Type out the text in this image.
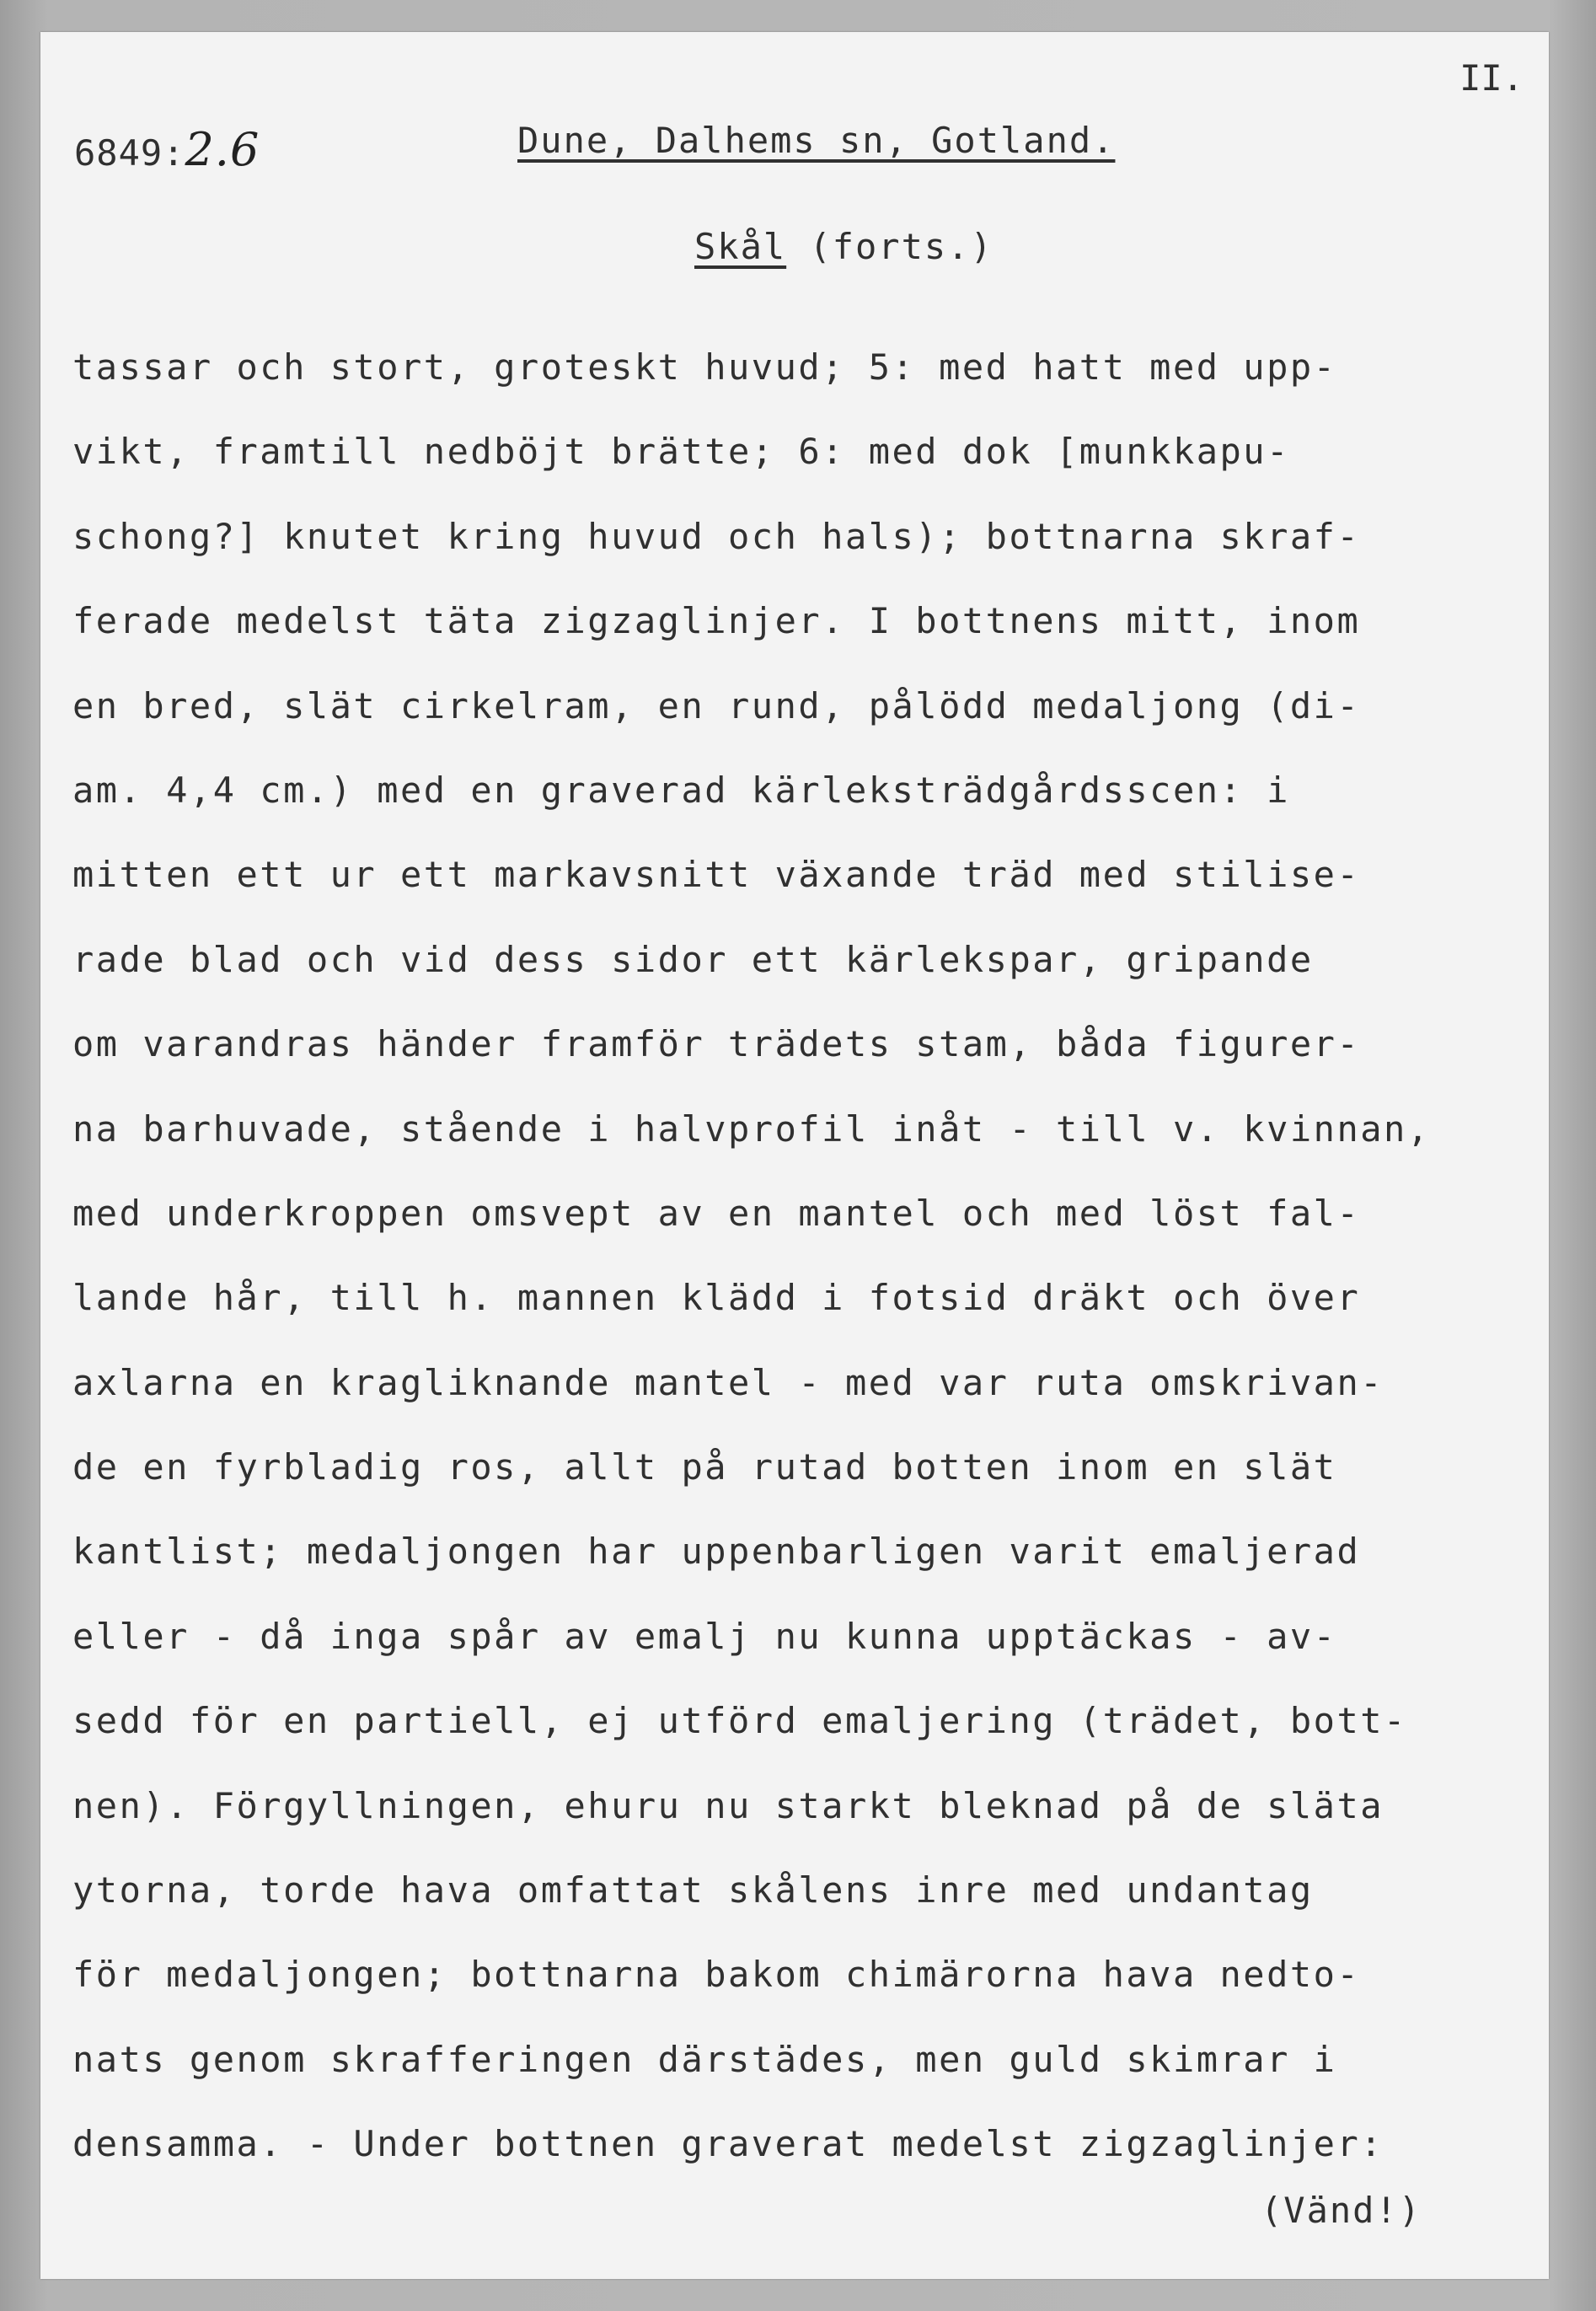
6849:2.6
II.
Dune, Dalhems sn, Gotland.
Skål (forts.)
tassar och stort, groteskt huvud; 5: med hatt med upp-
vikt, framtill nedböjt brätte; 6: med dok [munkkapu-
schong?] knutet kring huvud och hals); bottnarna skraf-
ferade medelst täta zigzaglinjer. I bottnens mitt, inom
en bred, slät cirkelram, en rund, pålödd medaljong (di-
am. 4,4 cm.) med en graverad kärleksträdgårdsscen: i
mitten ett ur ett markavsnitt växande träd med stilise-
rade blad och vid dess sidor ett kärlekspar, gripande
om varandras händer framför trädets stam, båda figurer-
na barhuvade, stående i halvprofil inåt - till v. kvinnan,
med underkroppen omsvept av en mantel och med löst fal-
lande hår, till h. mannen klädd i fotsid dräkt och över
axlarna en kragliknande mantel - med var ruta omskrivan-
de en fyrbladig ros, allt på rutad botten inom en slät
kantlist; medaljongen har uppenbarligen varit emaljerad
eller - då inga spår av emalj nu kunna upptäckas - av-
sedd för en partiell, ej utförd emaljering (trädet, bott-
nen). Förgyllningen, ehuru nu starkt bleknad på de släta
ytorna, torde hava omfattat skålens inre med undantag
för medaljongen; bottnarna bakom chimärorna hava nedto-
nats genom skrafferingen därstädes, men guld skimrar i
densamma. - Under bottnen graverat medelst zigzaglinjer:
(Vänd!)
